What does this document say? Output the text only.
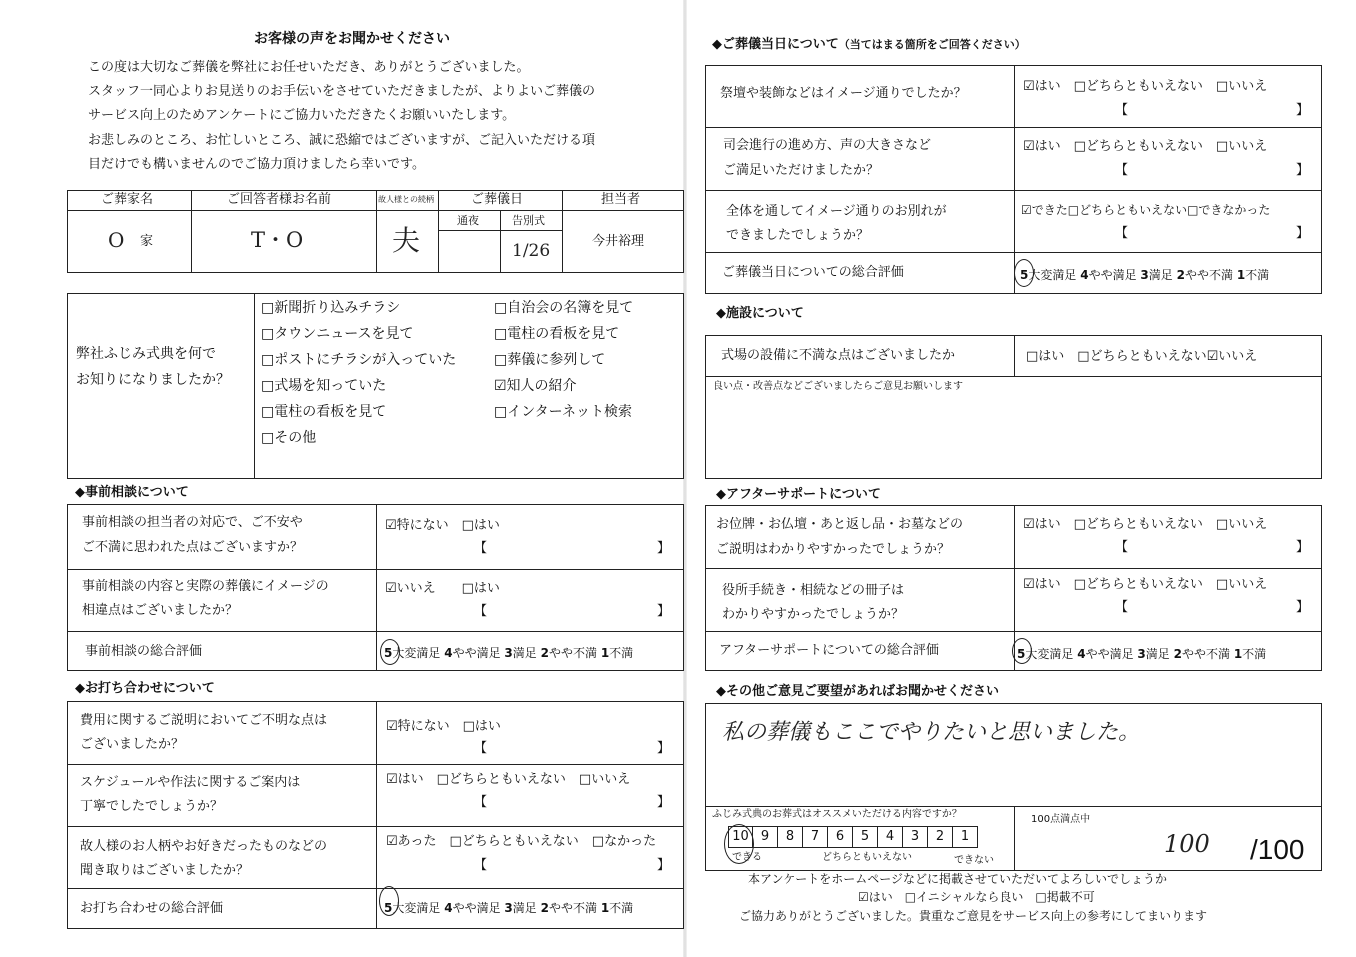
お客様の声をお聞かせください
この度は大切なご葬儀を弊社にお任せいただき、ありがとうございました。
スタッフ一同心よりお見送りのお手伝いをさせていただきましたが、よりよいご葬儀の
サービス向上のためアンケートにご協力いただきたくお願いいたします。
お悲しみのところ、お忙しいところ、誠に恐縮ではございますが、ご記入いただける項
目だけでも構いませんのでご協力頂けましたら幸いです。
ご葬家名	ご回答者様お名前	故人様との続柄	ご葬儀日	担当者
通夜	告別式
O 家	T・O	夫	1/26	今井裕理
弊社ふじみ式典を何で
お知りになりましたか？
□新聞折り込みチラシ
□タウンニュースを見て
□ポストにチラシが入っていた
□式場を知っていた
□電柱の看板を見て
□その他
□自治会の名簿を見て
□電柱の看板を見て
□葬儀に参列して
☑知人の紹介
□インターネット検索
◆事前相談について
事前相談の担当者の対応で、ご不安や
ご不満に思われた点はございますか？
☑特にない　□はい
【	】
事前相談の内容と実際の葬儀にイメージの
相違点はございましたか？
☑いいえ　　□はい
【	】
事前相談の総合評価	5大変満足 4やや満足 3満足 2やや不満 1不満
◆お打ち合わせについて
費用に関するご説明においてご不明な点は
ございましたか？
☑特にない　□はい
【	】
スケジュールや作法に関するご案内は
丁寧でしたでしょうか？
☑はい　□どちらともいえない　□いいえ
【	】
故人様のお人柄やお好きだったものなどの
聞き取りはございましたか？
☑あった　□どちらともいえない　□なかった
【	】
お打ち合わせの総合評価	5大変満足 4やや満足 3満足 2やや不満 1不満
◆ご葬儀当日について（当てはまる箇所をご回答ください）
祭壇や装飾などはイメージ通りでしたか？	☑はい　□どちらともいえない　□いいえ
【	】
司会進行の進め方、声の大きさなど
ご満足いただけましたか？
☑はい　□どちらともいえない　□いいえ
【	】
全体を通してイメージ通りのお別れが
できましたでしょうか？
☑できた□どちらともいえない□できなかった
【	】
ご葬儀当日についての総合評価	5大変満足 4やや満足 3満足 2やや不満 1不満
◆施設について
式場の設備に不満な点はございましたか	□はい　□どちらともいえない☑いいえ
良い点・改善点などございましたらご意見お願いします
◆アフターサポートについて
お位牌・お仏壇・あと返し品・お墓などの
ご説明はわかりやすかったでしょうか？
☑はい　□どちらともいえない　□いいえ
【	】
役所手続き・相続などの冊子は
わかりやすかったでしょうか？
☑はい　□どちらともいえない　□いいえ
【	】
アフターサポートについての総合評価	5大変満足 4やや満足 3満足 2やや不満 1不満
◆その他ご意見ご要望があればお聞かせください
私の葬儀もここでやりたいと思いました。
ふじみ式典のお葬式はオススメいただける内容ですか？
10 9	8	7	6	5	4	3	2	1
できる	どちらともいえない	できない
100点満点中
100 /100
本アンケートをホームページなどに掲載させていただいてよろしいでしょうか
☑はい　□イニシャルなら良い　□掲載不可
ご協力ありがとうございました。貴重なご意見をサービス向上の参考にしてまいります
